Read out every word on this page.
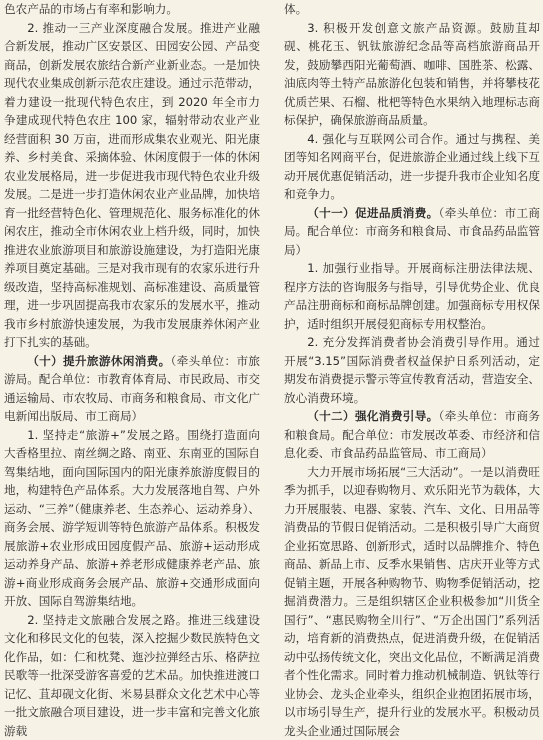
色农产品的市场占有率和影响力。

2. 推动一三产业深度融合发展。推进产业融合新发展，推动广区安景区、田园安公园、产品变商品，创新发展农旅结合新产业新业态。一是加快现代农业集成创新示范农庄建设。通过示范带动，着力建设一批现代特色农庄，到 2020 年全市力争建成现代特色农庄 100 家，辐射带动农业产业经营面积 30 万亩，进而形成集农业观光、阳光康养、乡村美食、采摘体验、休闲度假于一体的休闲农业发展格局，进一步促进我市现代特色农业升级发展。二是进一步打造休闲农业产业品牌，加快培育一批经营特色化、管理规范化、服务标准化的休闲农庄，推动全市休闲农业上档升级，同时，加快推进农业旅游项目和旅游设施建设，为打造阳光康养项目奠定基础。三是对我市现有的农家乐进行升级改造，坚持高标准规划、高标准建设、高质量管理，进一步巩固提高我市农家乐的发展水平，推动我市乡村旅游快速发展，为我市发展康养休闲产业打下扎实的基础。

（十）提升旅游休闲消费。（牵头单位：市旅游局。配合单位：市教育体育局、市民政局、市交通运输局、市农牧局、市商务和粮食局、市文化广电新闻出版局、市工商局）

1. 坚持走“旅游+”发展之路。围绕打造面向大香格里拉、南丝绸之路、南亚、东南亚的国际自驾集结地，面向国际国内的阳光康养旅游度假目的地，构建特色产品体系。大力发展落地自驾、户外运动、“三养”（健康养老、生态养心、运动养身）、商务会展、游学短训等特色旅游产品体系。积极发展旅游+农业形成田园度假产品、旅游+运动形成运动养身产品、旅游+养老形成健康养老产品、旅游+商业形成商务会展产品、旅游+交通形成面向开放、国际自驾游集结地。

2. 坚持走文旅融合发展之路。推进三线建设文化和移民文化的包装，深入挖掘少数民族特色文化作品，如：仁和枕凳、迤沙拉弹经古乐、格萨拉民歌等一批深受游客喜爱的艺术品。加快推进渡口记忆、苴却砚文化街、米易县群众文化艺术中心等一批文旅融合项目建设，进一步丰富和完善文化旅游载

体。

3. 积极开发创意文旅产品资源。鼓励苴却砚、桃花玉、钒钛旅游纪念品等高档旅游商品开发，鼓励攀西阳光葡萄酒、咖啡、国胜茶、松露、油底肉等土特产品旅游化包装和销售，并将攀枝花优质芒果、石榴、枇杷等特色水果纳入地理标志商标保护，确保旅游商品质量。

4. 强化与互联网公司合作。通过与携程、美团等知名网商平台，促进旅游企业通过线上线下互动开展优惠促销活动，进一步提升我市企业知名度和竞争力。

（十一）促进品质消费。（牵头单位：市工商局。配合单位：市商务和粮食局、市食品药品监管局）

1. 加强行业指导。开展商标注册法律法规、程序方法的咨询服务与指导，引导优势企业、优良产品注册商标和商标品牌创建。加强商标专用权保护，适时组织开展侵犯商标专用权整治。

2. 充分发挥消费者协会消费引导作用。通过开展“3.15”国际消费者权益保护日系列活动，定期发布消费提示警示等宣传教育活动，营造安全、放心消费环境。

（十二）强化消费引导。（牵头单位：市商务和粮食局。配合单位：市发展改革委、市经济和信息化委、市食品药品监管局、市工商局）

大力开展市场拓展“三大活动”。一是以消费旺季为抓手，以迎春购物月、欢乐阳光节为载体，大力开展服装、电器、家装、汽车、文化、日用品等消费品的节假日促销活动。二是积极引导广大商贸企业拓宽思路、创新形式，适时以品牌推介、特色商品、新品上市、反季水果销售、店庆开业等方式促销主题，开展各种购物节、购物季促销活动，挖掘消费潜力。三是组织辖区企业积极参加“川货全国行”、“惠民购物全川行”、“万企出国门”系列活动，培育新的消费热点，促进消费升级，在促销活动中弘扬传统文化，突出文化品位，不断满足消费者个性化需求。同时着力推动机械制造、钒钛等行业协会、龙头企业牵头，组织企业抱团拓展市场，以市场引导生产，提升行业的发展水平。积极动员龙头企业通过国际展会
